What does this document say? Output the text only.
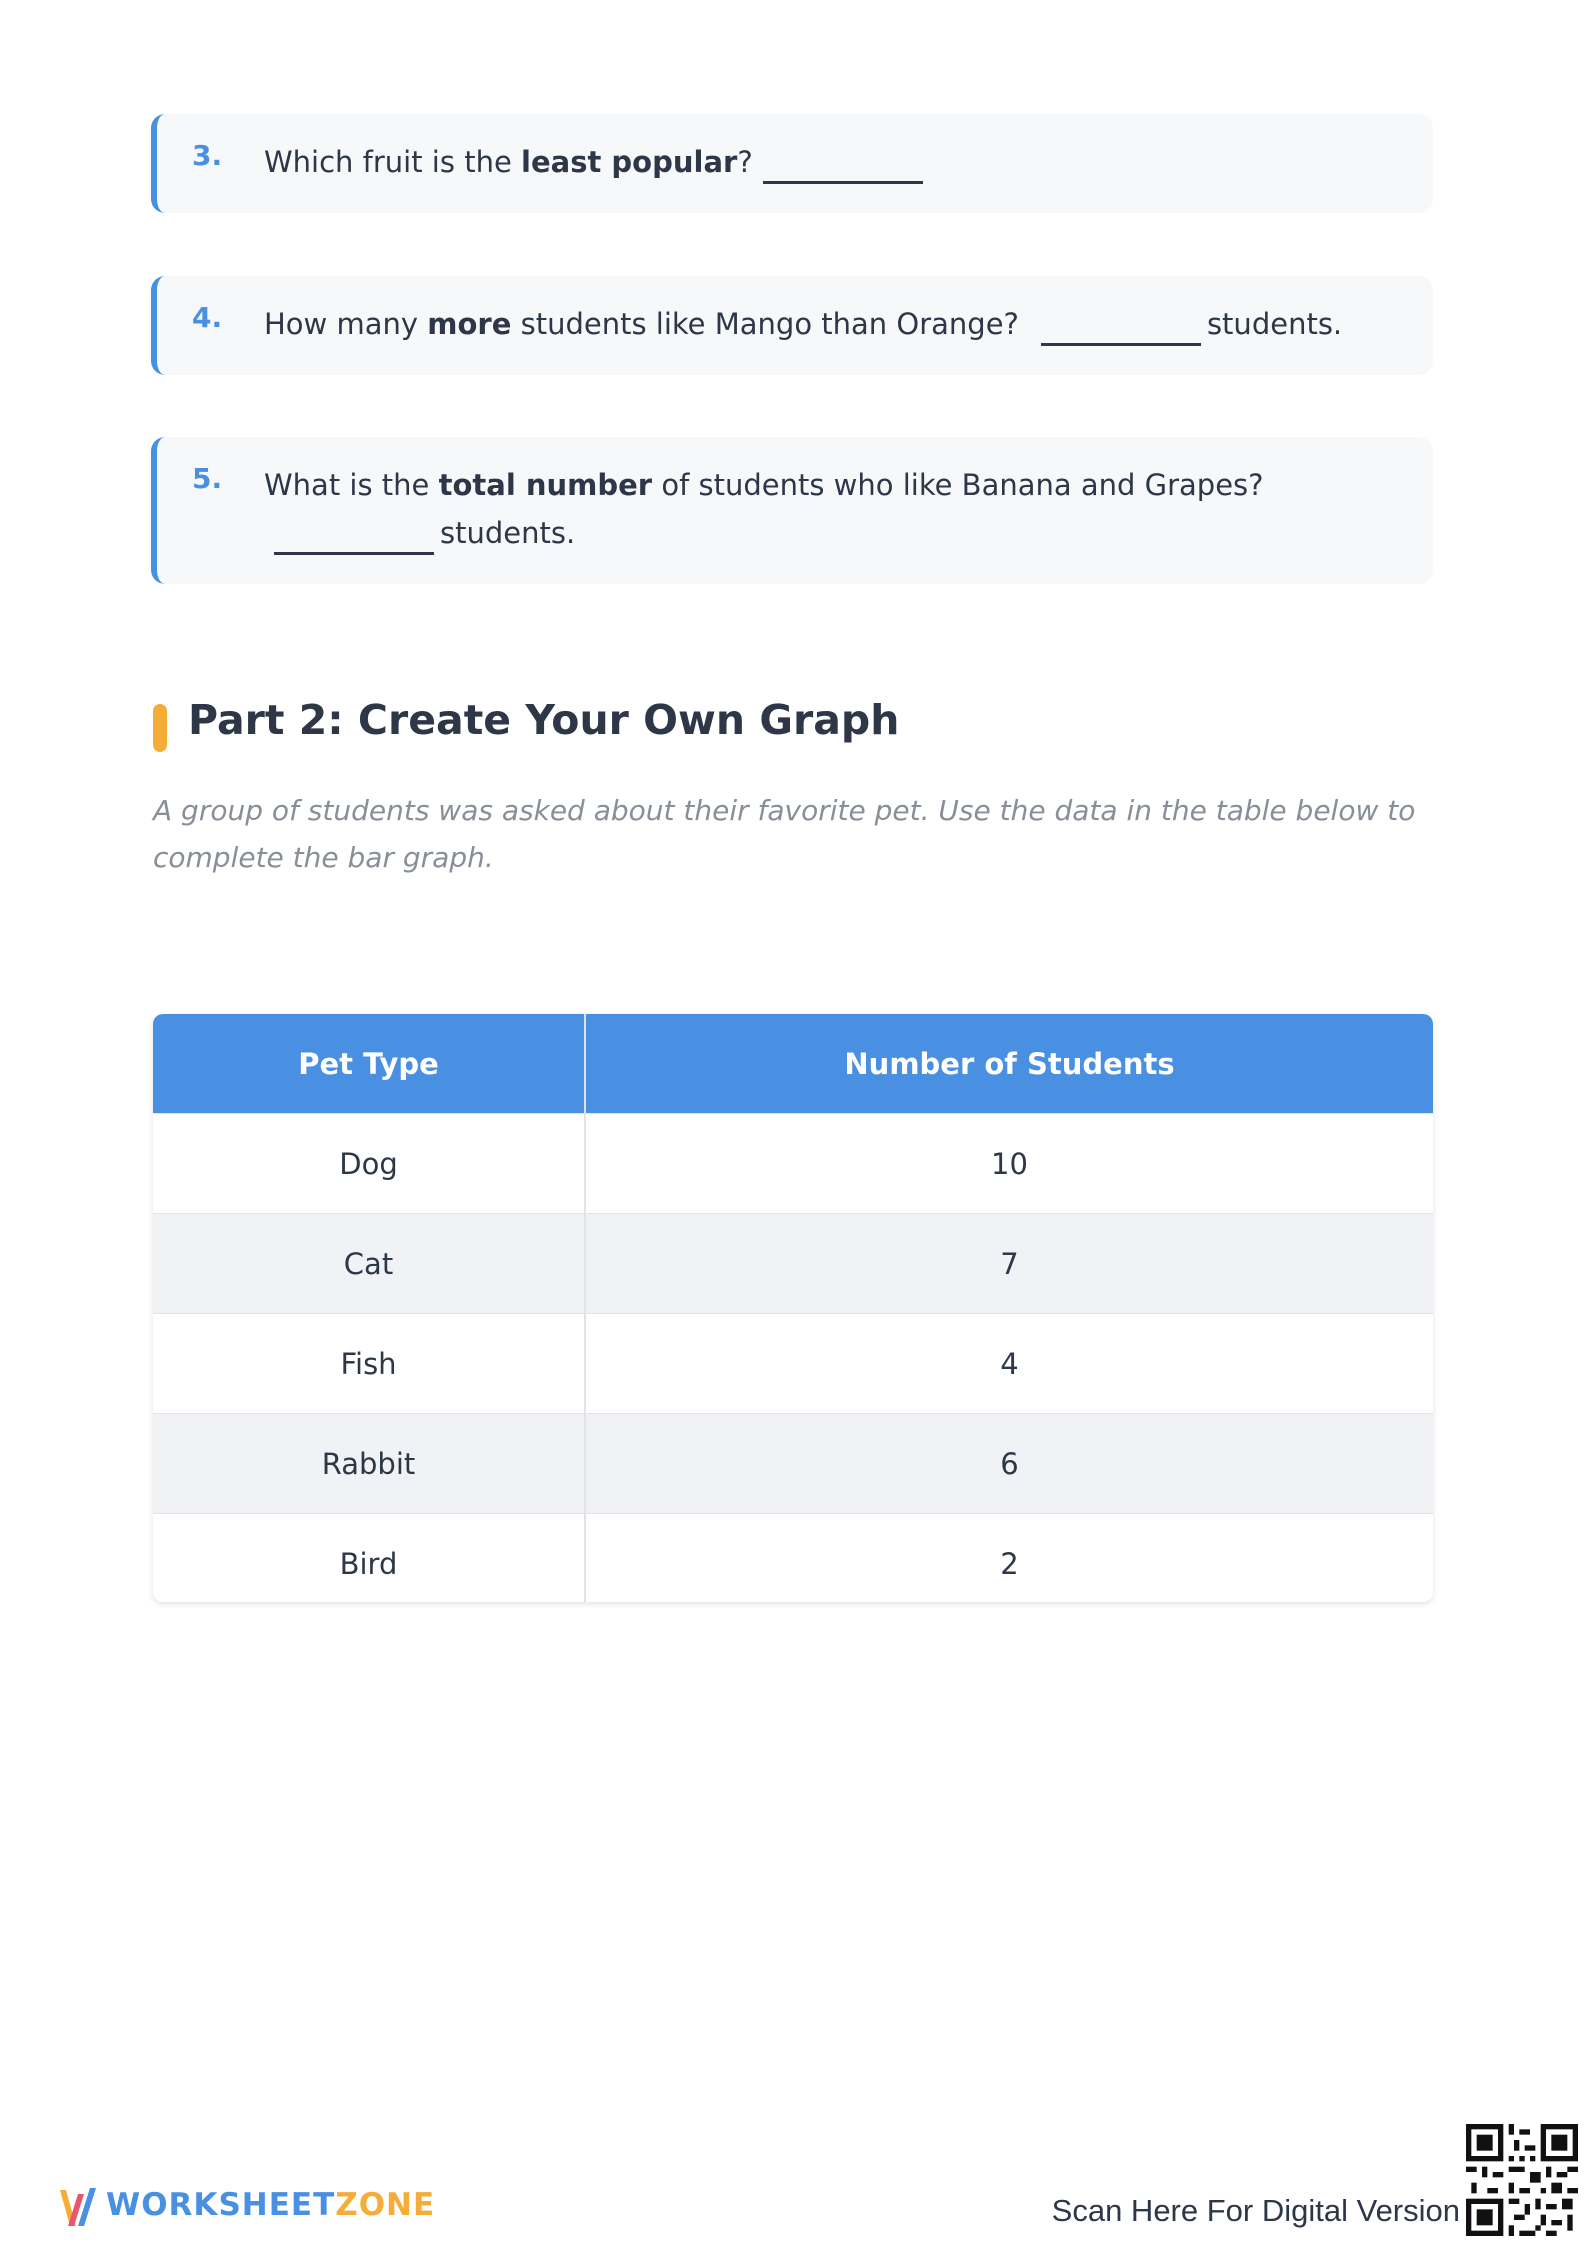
3. Which fruit is the least popular?
4. How many more students like Mango than Orange?	students.
5. What is the total number of students who like Banana and Grapes?
students.
Part 2: Create Your Own Graph
A group of students was asked about their favorite pet. Use the data in the table below to complete the bar graph.
Pet Type	Number of Students
Dog	10
Cat	7
Fish	4
Rabbit	6
Bird	2
WORKSHEETZONE	Scan Here For Digital Version
